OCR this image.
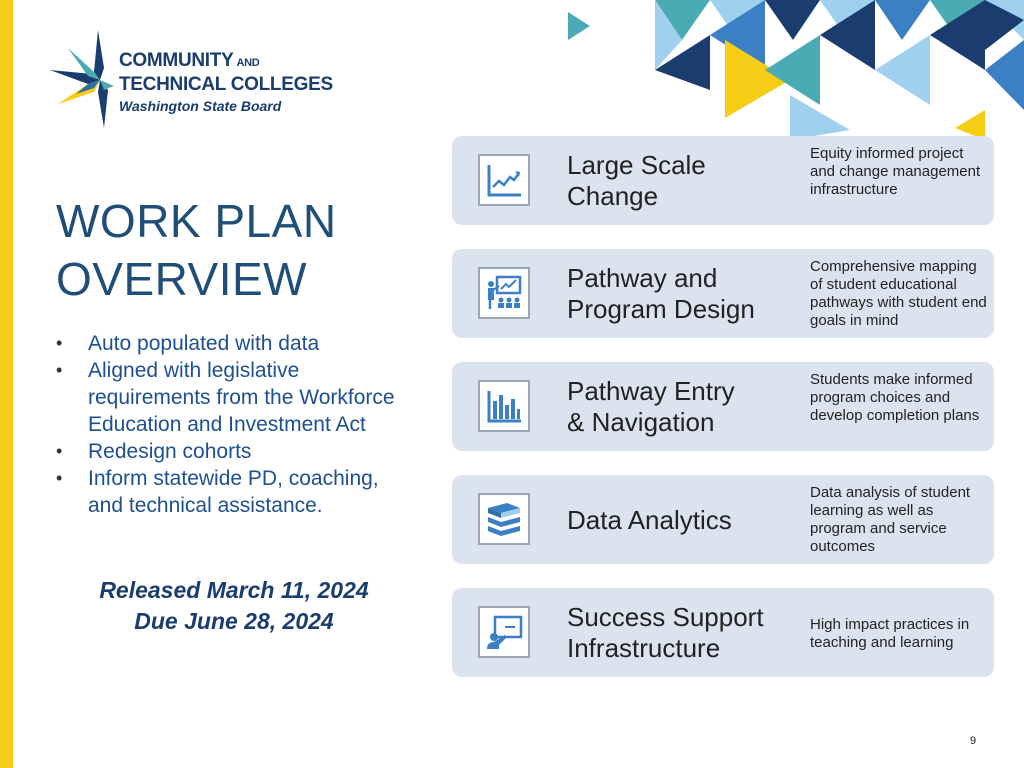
COMMUNITY AND
TECHNICAL COLLEGES
Washington State Board
WORK PLAN
OVERVIEW
• Auto populated with data
• Aligned with legislative requirements from the Workforce Education and Investment Act
• Redesign cohorts
• Inform statewide PD, coaching, and technical assistance.
Released March 11, 2024
Due June 28, 2024
Large Scale
Change
Equity informed project and change management infrastructure
Pathway and
Program Design
Comprehensive mapping of student educational pathways with student end goals in mind
Pathway Entry
& Navigation
Students make informed program choices and develop completion plans
Data Analytics
Data analysis of student learning as well as program and service outcomes
Success Support
Infrastructure
High impact practices in teaching and learning
9
